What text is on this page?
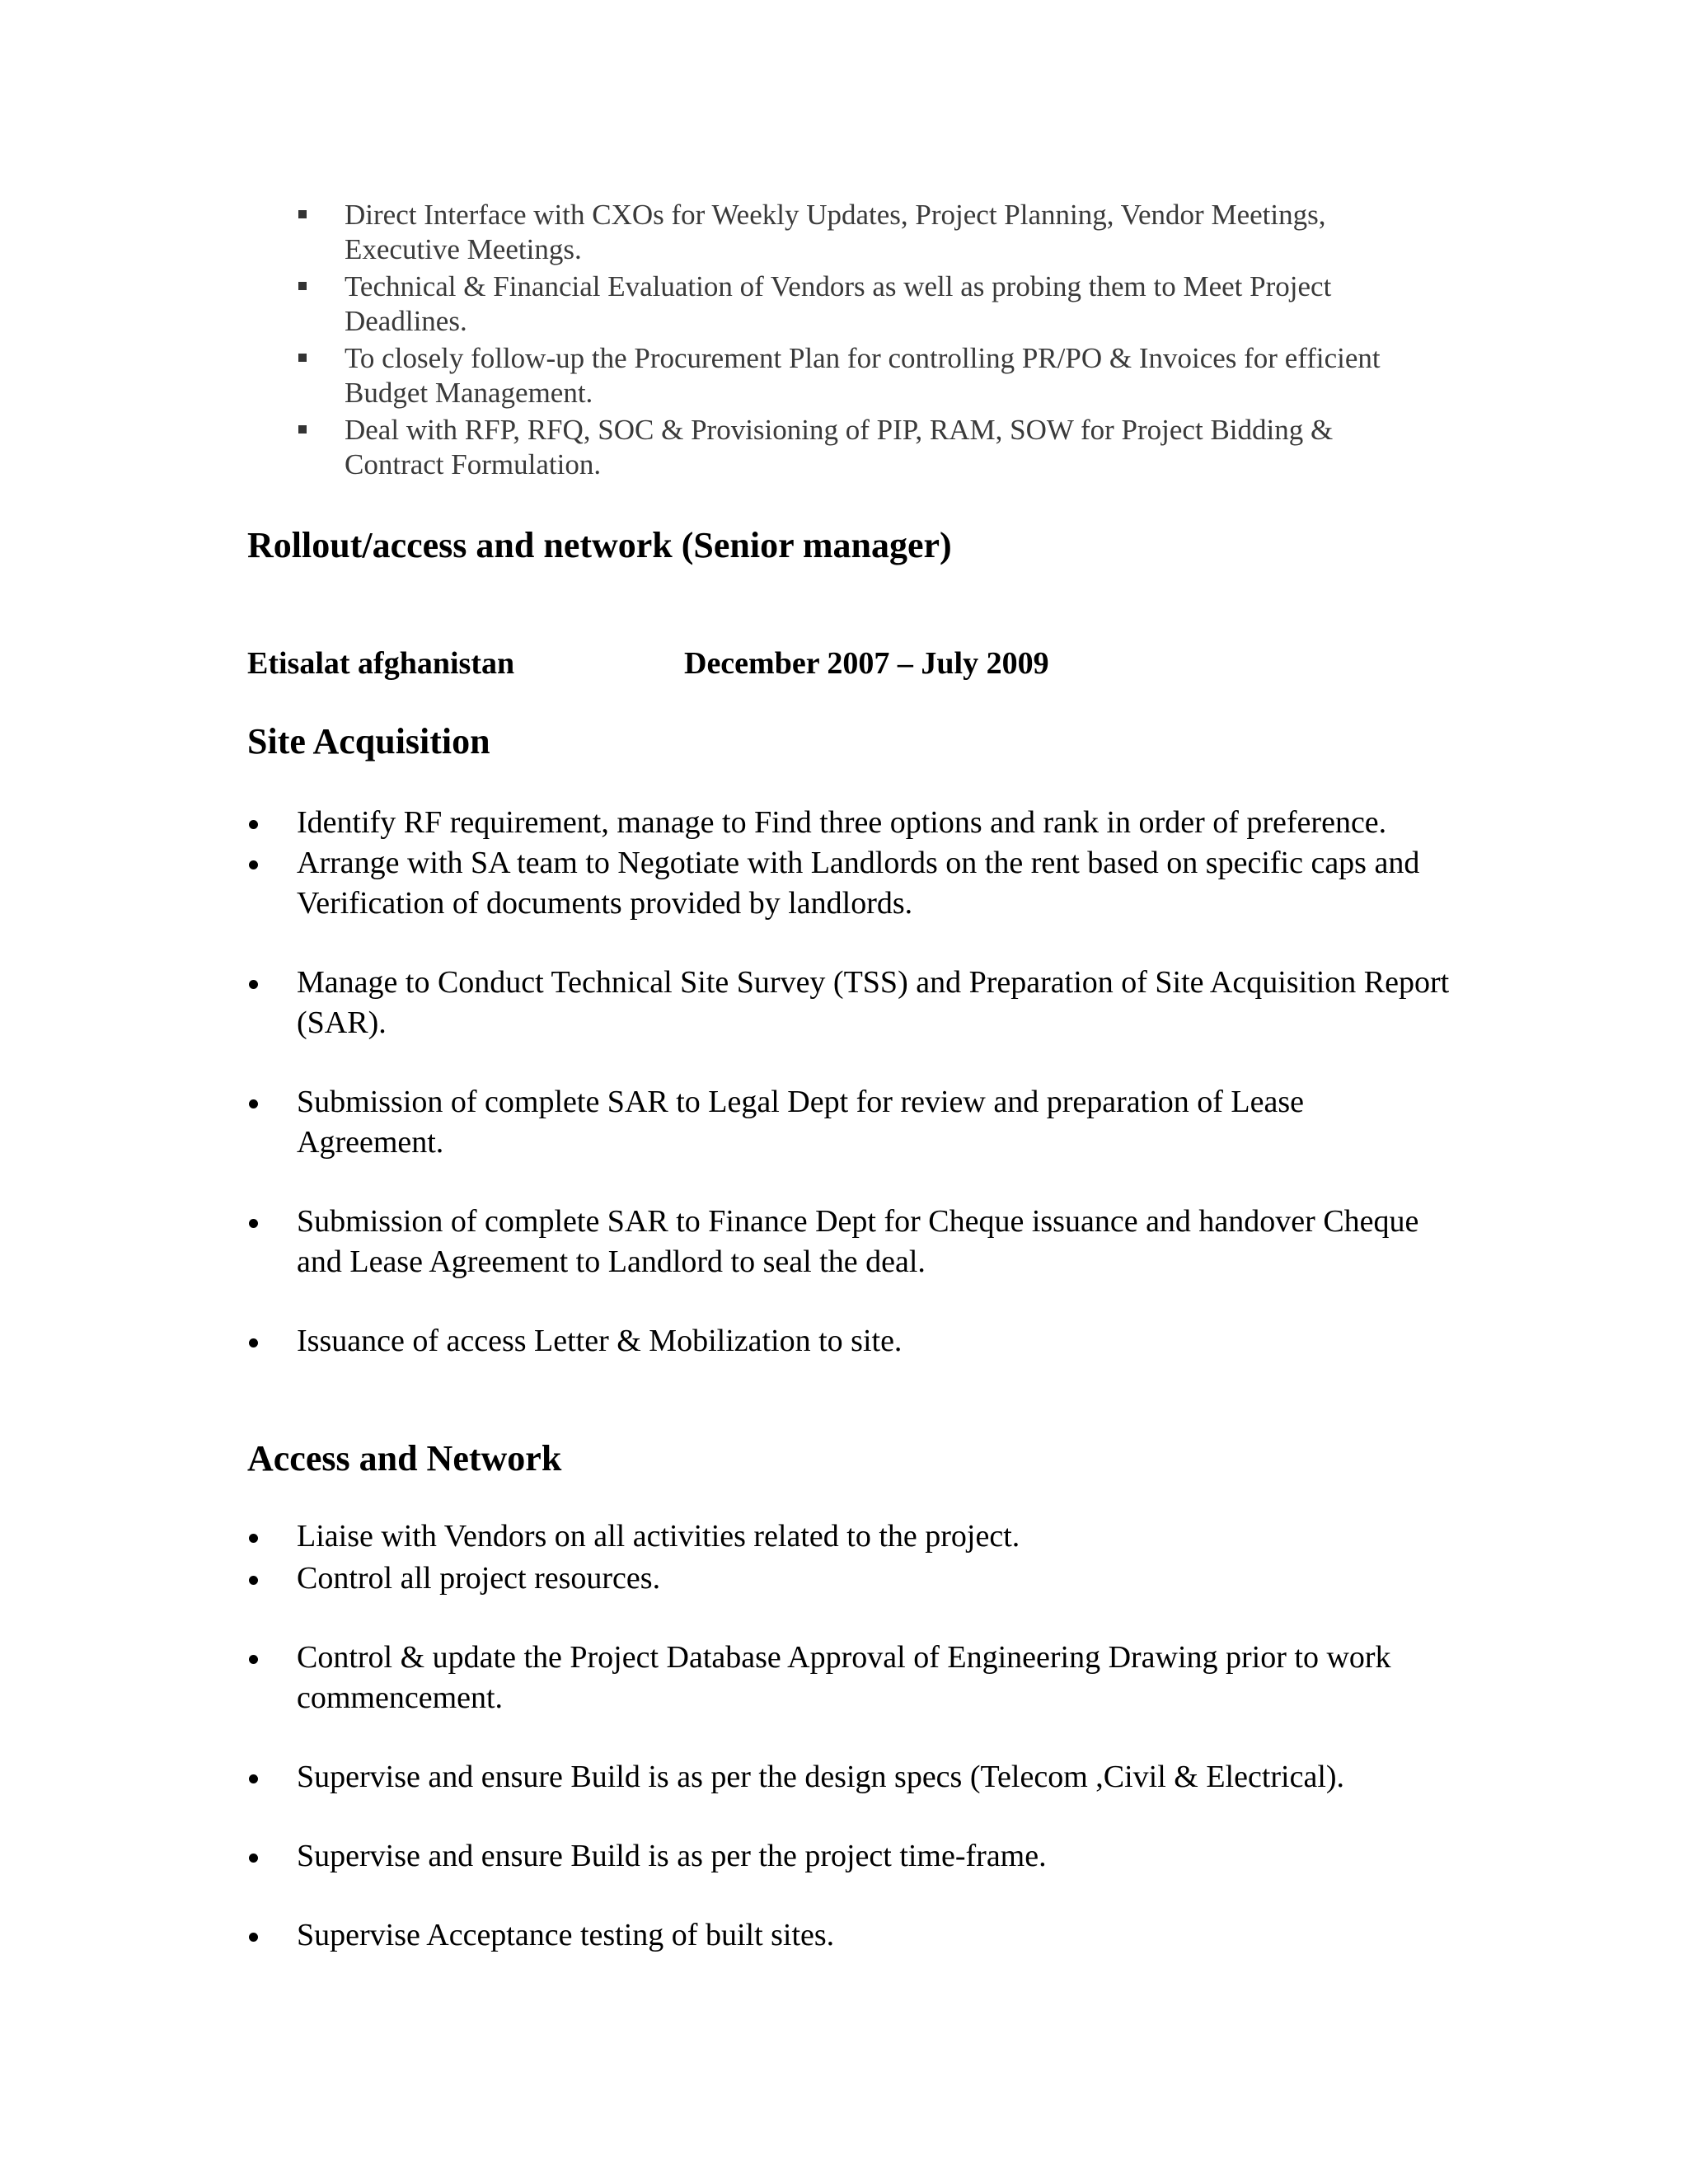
Direct Interface with CXOs for Weekly Updates, Project Planning, Vendor Meetings, Executive Meetings.
Technical & Financial Evaluation of Vendors as well as probing them to Meet Project Deadlines.
To closely follow-up the Procurement Plan for controlling PR/PO & Invoices for efficient Budget Management.
Deal with RFP, RFQ, SOC & Provisioning of PIP, RAM, SOW for Project Bidding & Contract Formulation.
Rollout/access and network (Senior manager)
Etisalat afghanistan	December 2007 – July 2009
Site Acquisition
Identify RF requirement, manage to Find three options and rank in order of preference.
Arrange with SA team to Negotiate with Landlords on the rent based on specific caps and Verification of documents provided by landlords.
Manage to Conduct Technical Site Survey (TSS) and Preparation of Site Acquisition Report (SAR).
Submission of complete SAR to Legal Dept for review and preparation of Lease Agreement.
Submission of complete SAR to Finance Dept for Cheque issuance and handover Cheque and Lease Agreement to Landlord to seal the deal.
Issuance of access Letter & Mobilization to site.
Access and Network
Liaise with Vendors on all activities related to the project.
Control all project resources.
Control & update the Project Database Approval of Engineering Drawing prior to work commencement.
Supervise and ensure Build is as per the design specs (Telecom ,Civil & Electrical).
Supervise and ensure Build is as per the project time-frame.
Supervise Acceptance testing of built sites.
